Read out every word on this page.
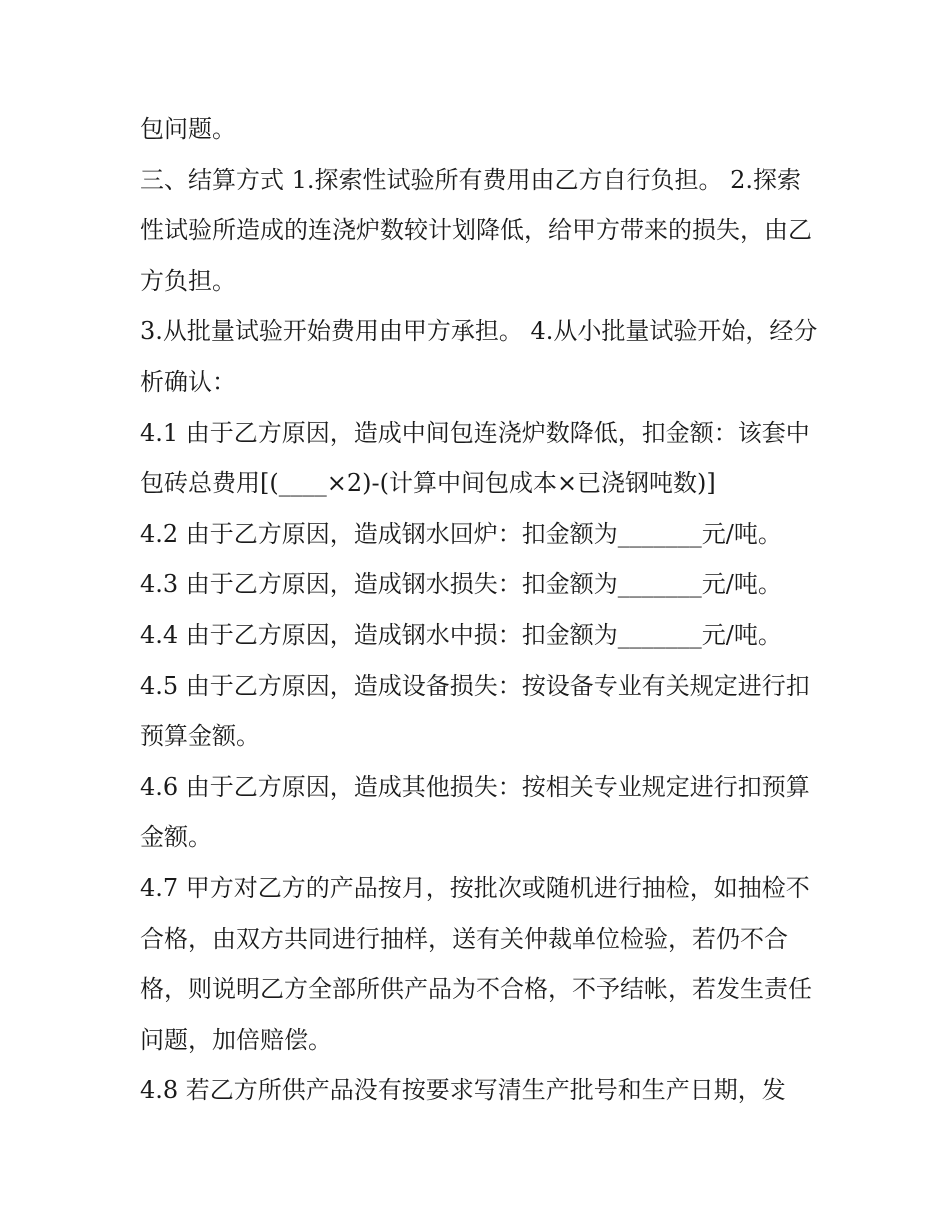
包问题。

三、结算方式 1.探索性试验所有费用由乙方自行负担。 2.探索性试验所造成的连浇炉数较计划降低，给甲方带来的损失，由乙方负担。

3.从批量试验开始费用由甲方承担。 4.从小批量试验开始，经分析确认：

4.1 由于乙方原因，造成中间包连浇炉数降低，扣金额：该套中包砖总费用[(____×2)-(计算中间包成本×已浇钢吨数)]

4.2 由于乙方原因，造成钢水回炉：扣金额为_______元/吨。

4.3 由于乙方原因，造成钢水损失：扣金额为_______元/吨。

4.4 由于乙方原因，造成钢水中损：扣金额为_______元/吨。

4.5 由于乙方原因，造成设备损失：按设备专业有关规定进行扣预算金额。

4.6 由于乙方原因，造成其他损失：按相关专业规定进行扣预算金额。

4.7 甲方对乙方的产品按月，按批次或随机进行抽检，如抽检不合格，由双方共同进行抽样，送有关仲裁单位检验，若仍不合格，则说明乙方全部所供产品为不合格，不予结帐，若发生责任问题，加倍赔偿。

4.8 若乙方所供产品没有按要求写清生产批号和生产日期，发
